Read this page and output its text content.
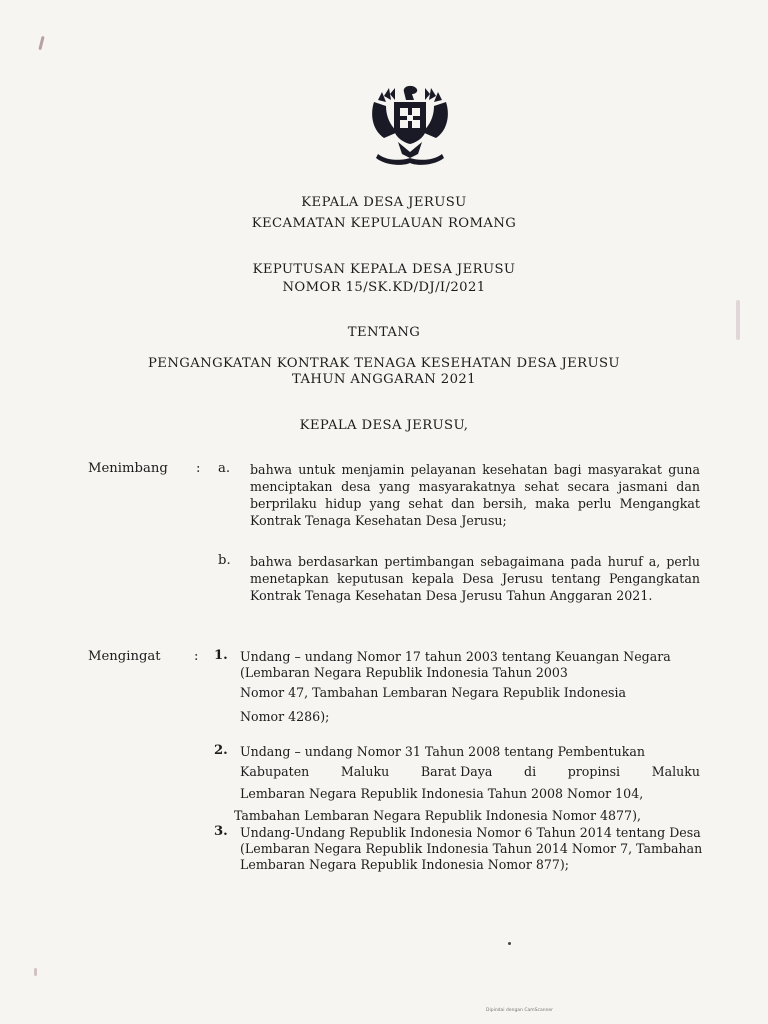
KEPALA DESA JERUSU
KECAMATAN KEPULAUAN ROMANG
KEPUTUSAN KEPALA DESA JERUSU
NOMOR 15/SK.KD/DJ/I/2021
TENTANG
PENGANGKATAN KONTRAK TENAGA KESEHATAN DESA JERUSU
TAHUN ANGGARAN 2021
KEPALA DESA JERUSU,
Menimbang : a. bahwa untuk menjamin pelayanan kesehatan bagi masyarakat guna menciptakan desa yang masyarakatnya sehat secara jasmani dan berprilaku hidup yang sehat dan bersih, maka perlu Mengangkat Kontrak Tenaga Kesehatan Desa Jerusu;
b. bahwa berdasarkan pertimbangan sebagaimana pada huruf a, perlu menetapkan keputusan kepala Desa Jerusu tentang Pengangkatan Kontrak Tenaga Kesehatan Desa Jerusu Tahun Anggaran 2021.
Mengingat	: 1. Undang – undang Nomor 17 tahun 2003 tentang Keuangan Negara
(Lembaran Negara Republik Indonesia Tahun 2003
Nomor 47, Tambahan Lembaran Negara Republik Indonesia
Nomor 4286);
2. Undang – undang Nomor 31 Tahun 2008 tentang Pembentukan
Kabupaten	Maluku	Barat Daya	di	propinsi	Maluku
Lembaran Negara Republik Indonesia Tahun 2008 Nomor 104,
Tambahan Lembaran Negara Republik Indonesia Nomor 4877),
3. Undang-Undang Republik Indonesia Nomor 6 Tahun 2014 tentang Desa
(Lembaran Negara Republik Indonesia Tahun 2014 Nomor 7, Tambahan
Lembaran Negara Republik Indonesia Nomor 877);
Dipindai dengan CamScanner
